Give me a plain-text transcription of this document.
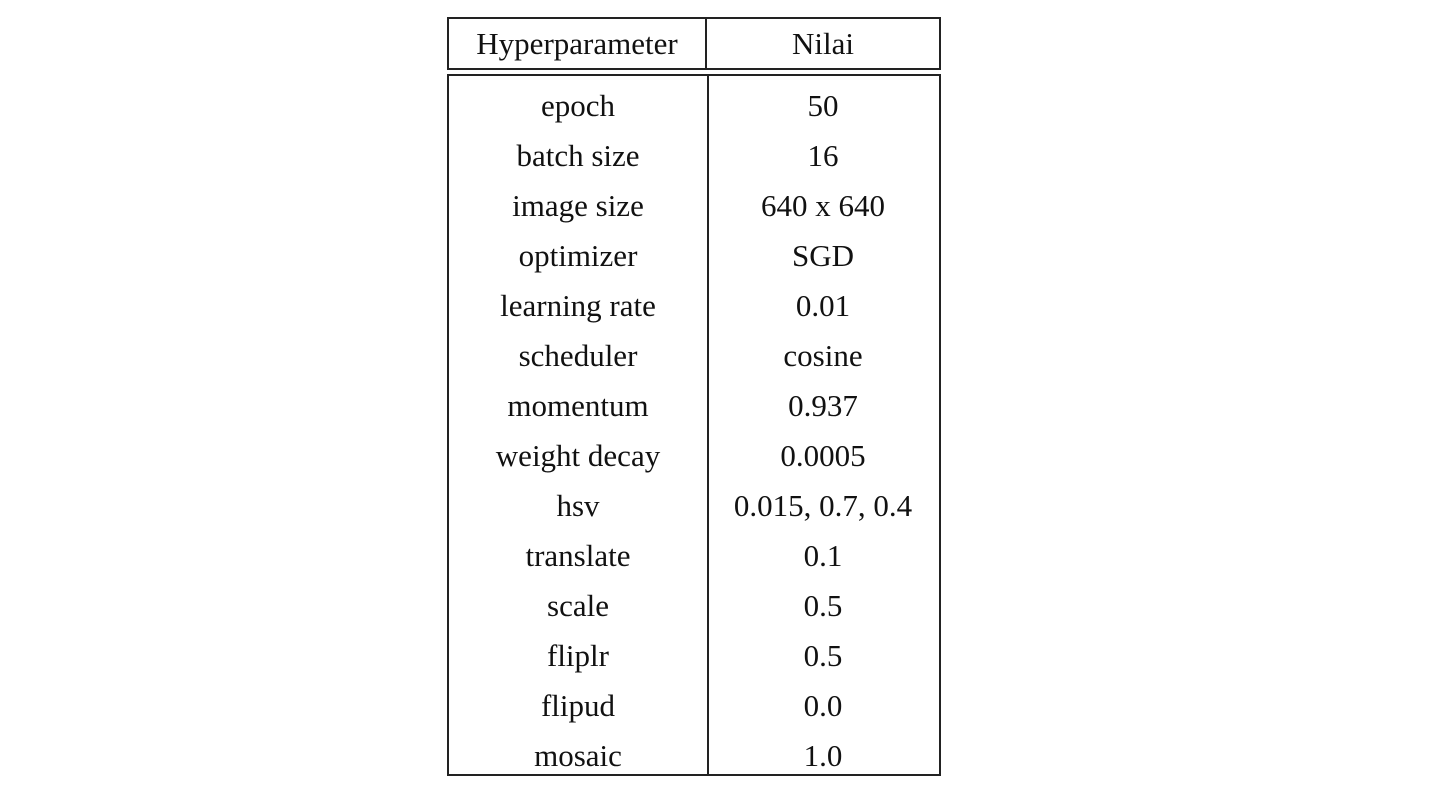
Hyperparameter	Nilai
epoch	50
batch size	16
image size	640 x 640
optimizer	SGD
learning rate	0.01
scheduler	cosine
momentum	0.937
weight decay	0.0005
hsv	0.015, 0.7, 0.4
translate	0.1
scale	0.5
fliplr	0.5
flipud	0.0
mosaic	1.0
